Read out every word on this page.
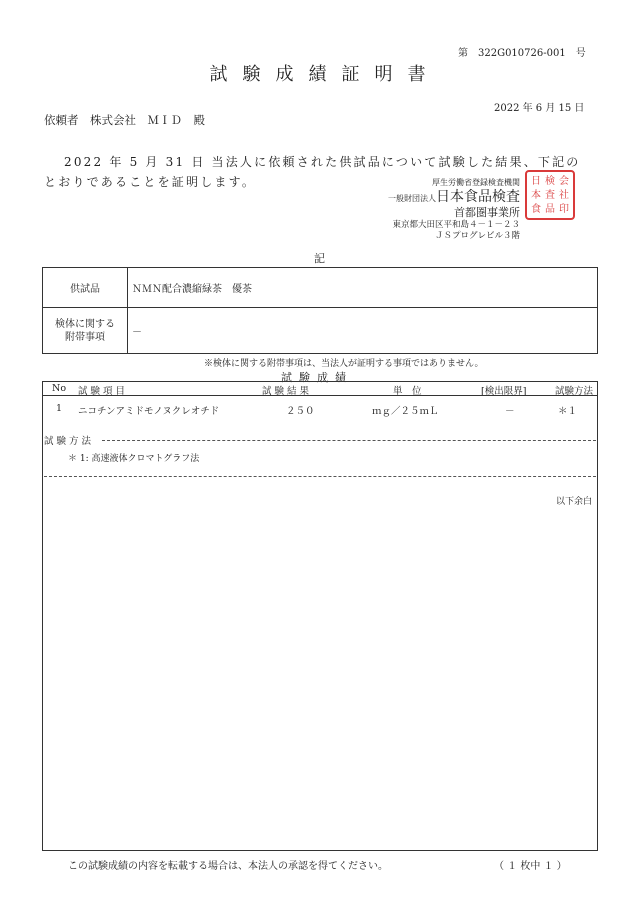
第　322G010726-001　号
試験成績証明書
2022 年 6 月 15 日
依頼者　株式会社　ＭＩＤ　殿
2022 年 5 月 31 日 当法人に依頼された供試品について試験した結果、下記のとおりであることを証明します。	厚生労働省登録検査機関
一般財団法人日本食品検査
首都圏事業所
東京都大田区平和島４－１－２３
ＪＳプログレビル３階
日 検 会
本 査 社
食 品 印
記
供試品	ＮＭＮ配合濃縮緑茶　優茶
検体に関する附帯事項	－
※検体に関する附帯事項は、当法人が証明する事項ではありません。
試験成績
No 試 験 項 目	試 験 結 果	単　位	[検出限界]	試験方法
1 ニコチンアミドモノヌクレオチド	２５０	ｍｇ／２５ｍＬ	－	＊１
試 験 方 法
＊ 1: 高速液体クロマトグラフ法
以下余白
この試験成績の内容を転載する場合は、本法人の承認を得てください。	（ １ 枚中 １ ）
